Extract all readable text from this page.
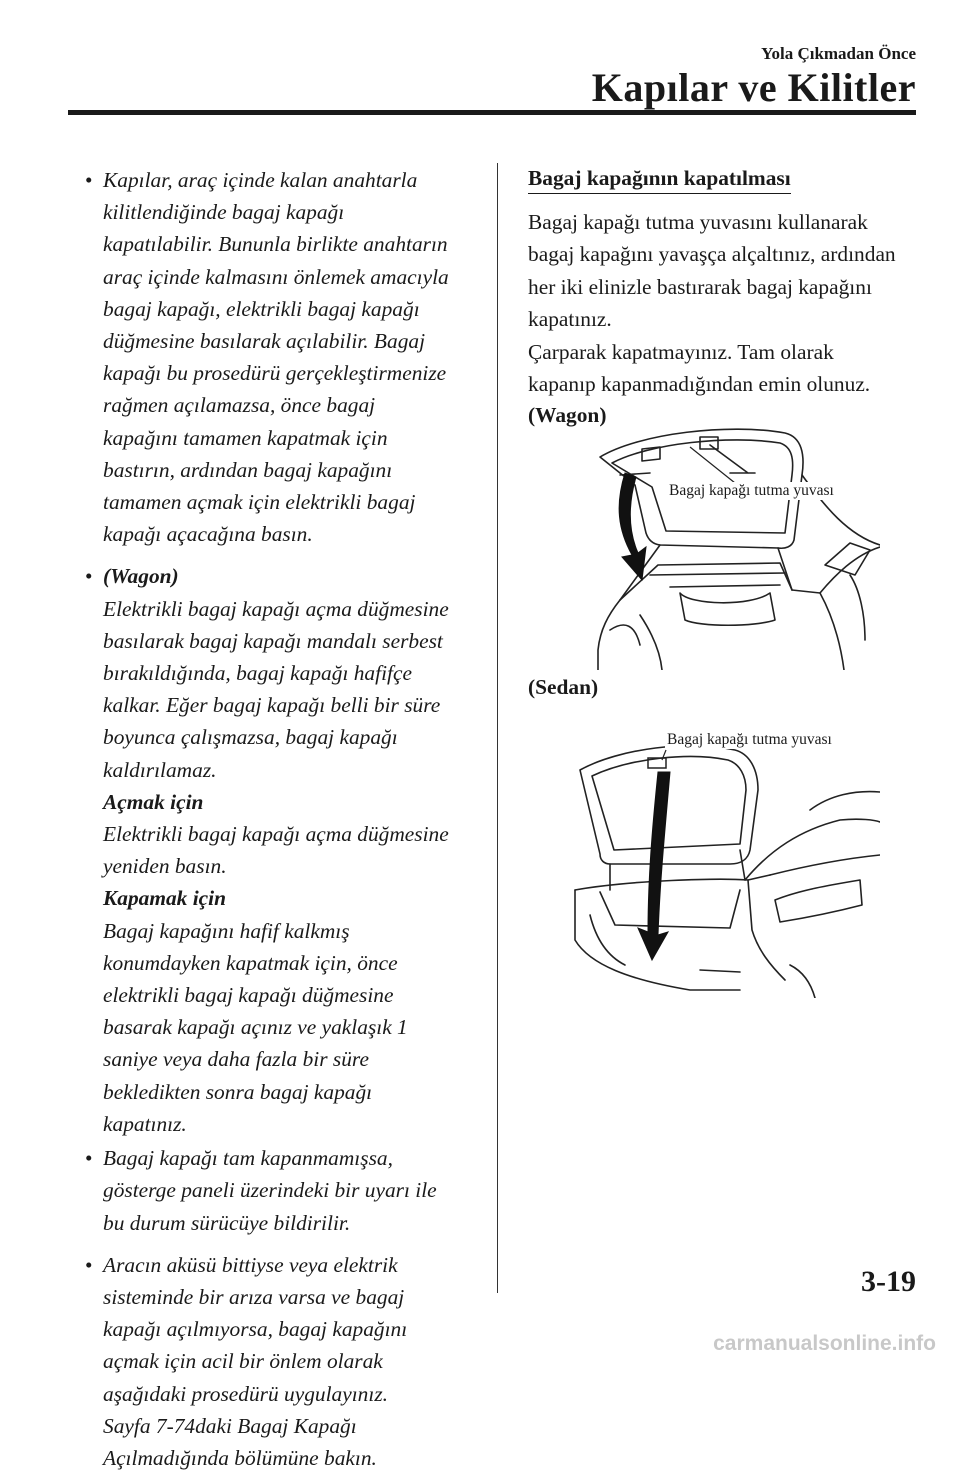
Yola Çıkmadan Önce
Kapılar ve Kilitler
• Kapılar, araç içinde kalan anahtarla
kilitlendiğinde bagaj kapağı
kapatılabilir. Bununla birlikte anahtarın
araç içinde kalmasını önlemek amacıyla
bagaj kapağı, elektrikli bagaj kapağı
düğmesine basılarak açılabilir. Bagaj
kapağı bu prosedürü gerçekleştirmenize
rağmen açılamazsa, önce bagaj
kapağını tamamen kapatmak için
bastırın, ardından bagaj kapağını
tamamen açmak için elektrikli bagaj
kapağı açacağına basın.
• (Wagon)
Elektrikli bagaj kapağı açma düğmesine
basılarak bagaj kapağı mandalı serbest
bırakıldığında, bagaj kapağı hafifçe
kalkar. Eğer bagaj kapağı belli bir süre
boyunca çalışmazsa, bagaj kapağı
kaldırılamaz.
Açmak için
Elektrikli bagaj kapağı açma düğmesine
yeniden basın.
Kapamak için
Bagaj kapağını hafif kalkmış
konumdayken kapatmak için, önce
elektrikli bagaj kapağı düğmesine
basarak kapağı açınız ve yaklaşık 1
saniye veya daha fazla bir süre
bekledikten sonra bagaj kapağı
kapatınız.
• Bagaj kapağı tam kapanmamışsa,
gösterge paneli üzerindeki bir uyarı ile
bu durum sürücüye bildirilir.
• Aracın aküsü bittiyse veya elektrik
sisteminde bir arıza varsa ve bagaj
kapağı açılmıyorsa, bagaj kapağını
açmak için acil bir önlem olarak
aşağıdaki prosedürü uygulayınız.
Sayfa 7-74daki Bagaj Kapağı
Açılmadığında bölümüne bakın.
Bagaj kapağının kapatılması
Bagaj kapağı tutma yuvasını kullanarak
bagaj kapağını yavaşça alçaltınız, ardından
her iki elinizle bastırarak bagaj kapağını
kapatınız.
Çarparak kapatmayınız. Tam olarak
kapanıp kapanmadığından emin olunuz.
(Wagon)
Bagaj kapağı tutma yuvası
(Sedan)
Bagaj kapağı tutma yuvası
3-19
carmanualsonline.info
